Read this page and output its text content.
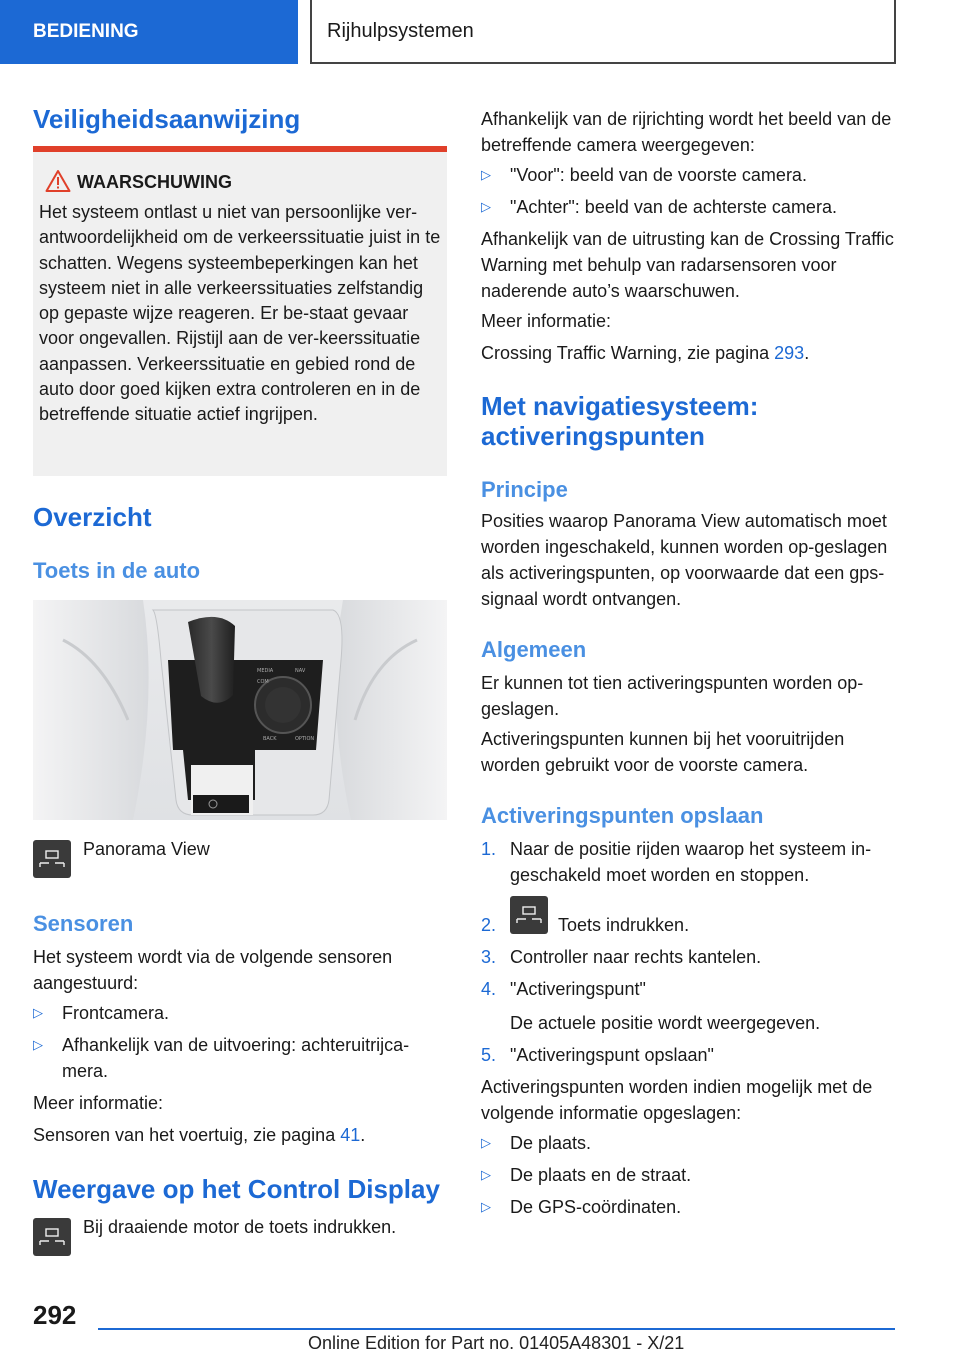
BEDIENING	Rijhulpsystemen
Veiligheidsaanwijzing
WAARSCHUWING
Het systeem ontlast u niet van persoonlijke ver-antwoordelijkheid om de verkeerssituatie juist in te schatten. Wegens systeembeperkingen kan het systeem niet in alle verkeerssituaties zelfstandig op gepaste wijze reageren. Er be-staat gevaar voor ongevallen. Rijstijl aan de ver-keerssituatie aanpassen. Verkeerssituatie en gebied rond de auto door goed kijken extra controleren en in de betreffende situatie actief ingrijpen.
Overzicht
Toets in de auto
MEDIA
COM
NAV
BACK	OPTION
Panorama View
Sensoren
Het systeem wordt via de volgende sensoren aangestuurd:
▷ Frontcamera.
▷ Afhankelijk van de uitvoering: achteruitrijca-
mera.
Meer informatie:
Sensoren van het voertuig, zie pagina 41.
Weergave op het Control Display
Bij draaiende motor de toets indrukken.
Afhankelijk van de rijrichting wordt het beeld van de betreffende camera weergegeven:
▷ "Voor": beeld van de voorste camera.
▷ "Achter": beeld van de achterste camera.
Afhankelijk van de uitrusting kan de Crossing Traffic Warning met behulp van radarsensoren voor naderende auto’s waarschuwen.
Meer informatie:
Crossing Traffic Warning, zie pagina 293.
Met navigatiesysteem:
activeringspunten
Principe
Posities waarop Panorama View automatisch moet worden ingeschakeld, kunnen worden op-geslagen als activeringspunten, op voorwaarde dat een gps-signaal wordt ontvangen.
Algemeen
Er kunnen tot tien activeringspunten worden op-geslagen.
Activeringspunten kunnen bij het vooruitrijden worden gebruikt voor de voorste camera.
Activeringspunten opslaan
1. Naar de positie rijden waarop het systeem in-geschakeld moet worden en stoppen.
2.	Toets indrukken.
3. Controller naar rechts kantelen.
4. "Activeringspunt"
De actuele positie wordt weergegeven.
5. "Activeringspunt opslaan"
Activeringspunten worden indien mogelijk met de volgende informatie opgeslagen:
▷ De plaats.
▷ De plaats en de straat.
▷ De GPS-coördinaten.
292
Online Edition for Part no. 01405A48301 - X/21
